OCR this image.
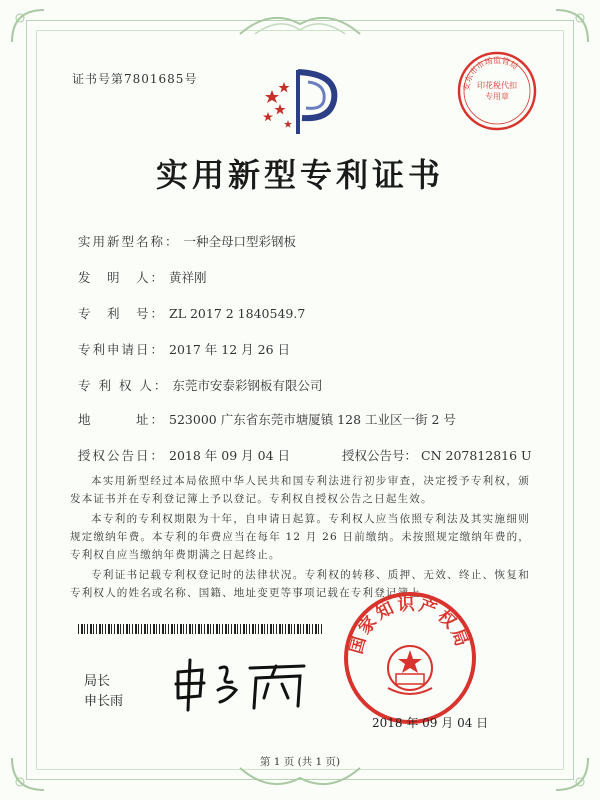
证书号第7801685号
安东市市场监管局
印花税代扣专用章
实用新型专利证书
实用新型名称： 一种全母口型彩钢板
发　明　人： 黄祥刚
专　利　号： ZL 2017 2 1840549.7
专利申请日： 2017 年 12 月 26 日
专 利 权 人： 东莞市安泰彩钢板有限公司
地　　　址： 523000 广东省东莞市塘厦镇 128 工业区一街 2 号
授权公告日： 2018 年 09 月 04 日	授权公告号： CN 207812816 U
本实用新型经过本局依照中华人民共和国专利法进行初步审查，决定授予专利权，颁发本证书并在专利登记簿上予以登记。专利权自授权公告之日起生效。
本专利的专利权期限为十年，自申请日起算。专利权人应当依照专利法及其实施细则规定缴纳年费。本专利的年费应当在每年 12 月 26 日前缴纳。未按照规定缴纳年费的，专利权自应当缴纳年费期满之日起终止。
专利证书记载专利权登记时的法律状况。专利权的转移、质押、无效、终止、恢复和专利权人的姓名或名称、国籍、地址变更等事项记载在专利登记簿上。
局长
申长雨
国家知识产权局
2018 年 09 月 04 日
第 1 页 (共 1 页)
